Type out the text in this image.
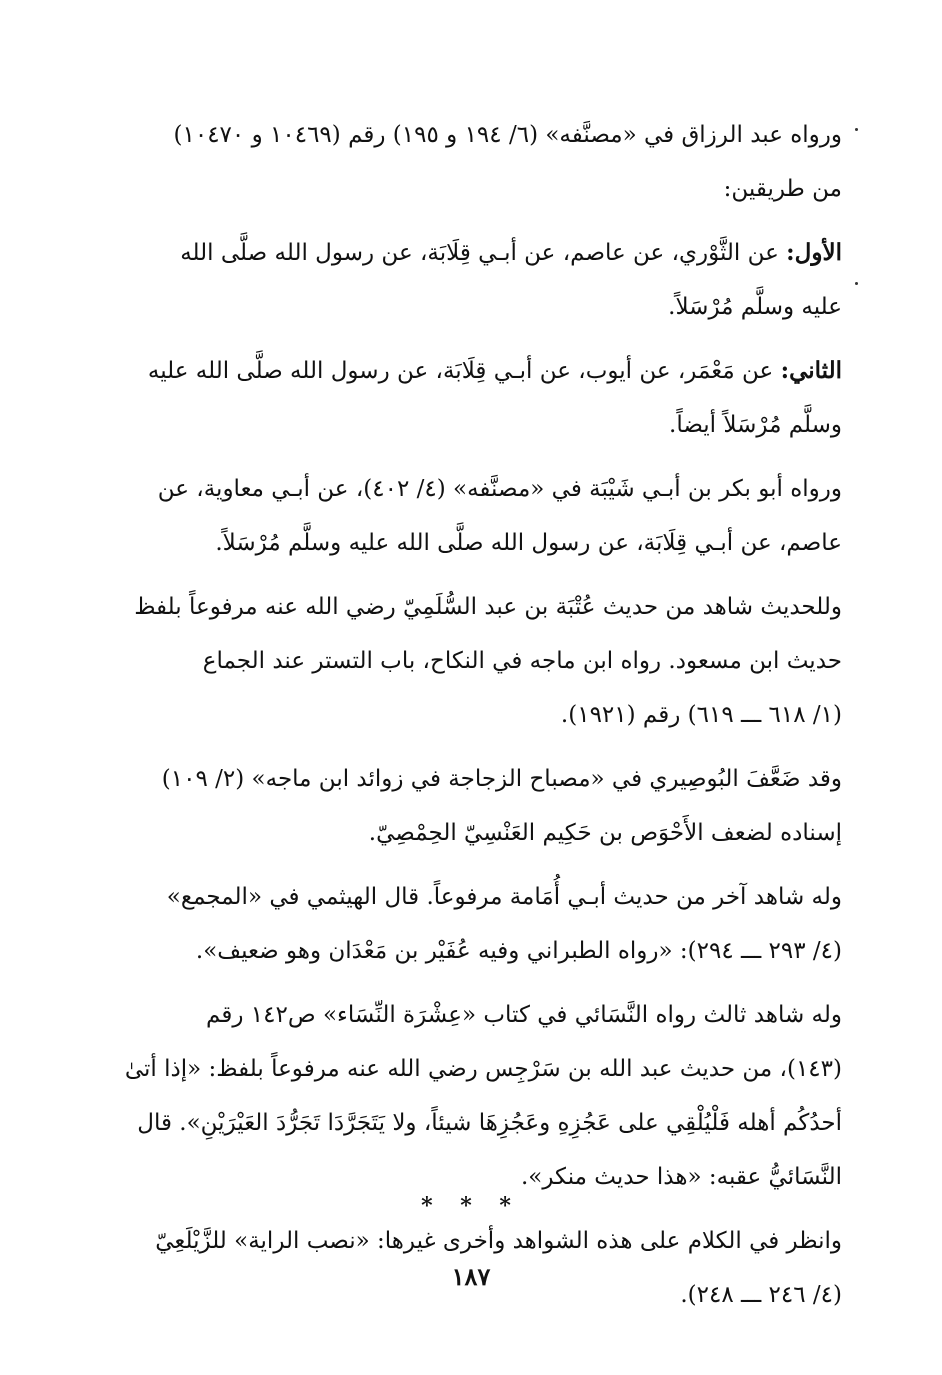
ورواه عبد الرزاق في «مصنَّفه» (٦/ ١٩٤ و ١٩٥) رقم (١٠٤٦٩ و ١٠٤٧٠)
من طريقين:

الأول: عن الثَّوْري، عن عاصم، عن أبـي قِلَابَة، عن رسول الله صلَّى الله
عليه وسلَّم مُرْسَلاً.

الثاني: عن مَعْمَر، عن أيوب، عن أبـي قِلَابَة، عن رسول الله صلَّى الله عليه
وسلَّم مُرْسَلاً أيضاً.

ورواه أبو بكر بن أبـي شَيْبَة في «مصنَّفه» (٤/ ٤٠٢)، عن أبـي معاوية، عن
عاصم، عن أبـي قِلَابَة، عن رسول الله صلَّى الله عليه وسلَّم مُرْسَلاً.

وللحديث شاهد من حديث عُتْبَة بن عبد السُّلَمِيّ رضي الله عنه مرفوعاً بلفظ
حديث ابن مسعود. رواه ابن ماجه في النكاح، باب التستر عند الجماع
(١/ ٦١٨ ـــ ٦١٩) رقم (١٩٢١).

وقد ضَعَّفَ البُوصِيري في «مصباح الزجاجة في زوائد ابن ماجه» (٢/ ١٠٩)
إسناده لضعف الأَحْوَص بن حَكِيم العَنْسِيّ الحِمْصِيّ.

وله شاهد آخر من حديث أبـي أُمَامة مرفوعاً. قال الهيثمي في «المجمع»
(٤/ ٢٩٣ ـــ ٢٩٤): «رواه الطبراني وفيه عُفَيْر بن مَعْدَان وهو ضعيف».

وله شاهد ثالث رواه النَّسَائي في كتاب «عِشْرَة النِّسَاء» ص١٤٢ رقم
(١٤٣)، من حديث عبد الله بن سَرْجِس رضي الله عنه مرفوعاً بلفظ: «إذا أتىٰ
أحدُكُم أهله فَلْيُلْقِي على عَجُزِهِ وعَجُزِهَا شيئاً، ولا يَتَجَرَّدَا تَجَرُّدَ العَيْرَيْنِ». قال
النَّسَائيُّ عقبه: «هذا حديث منكر».

وانظر في الكلام على هذه الشواهد وأخرى غيرها: «نصب الراية» للزَّيْلَعِيّ
(٤/ ٢٤٦ ـــ ٢٤٨).

* * *
١٨٧
